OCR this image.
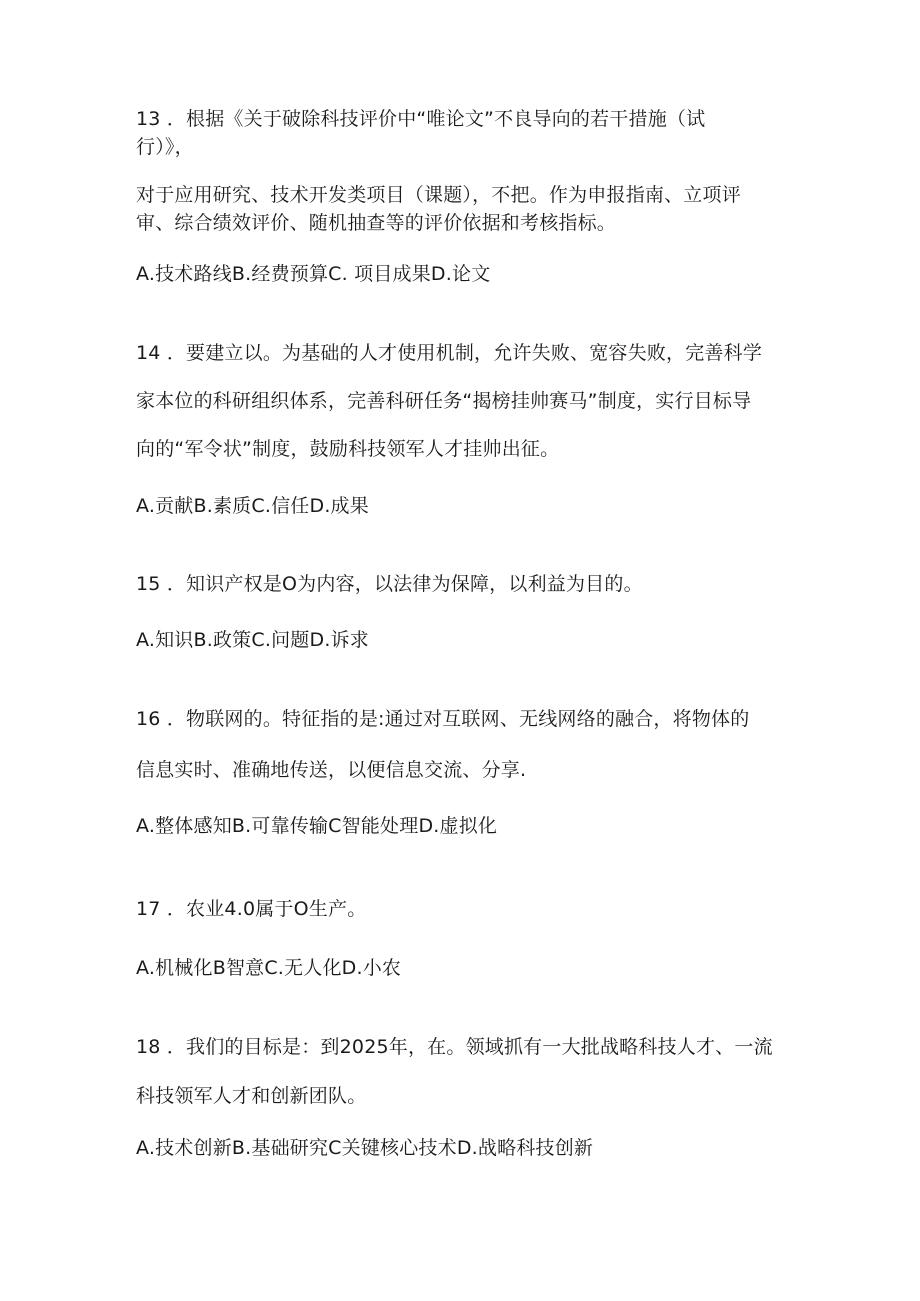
13 ．根据《关于破除科技评价中“唯论文”不良导向的若干措施（试
行）》，
对于应用研究、技术开发类项目（课题），不把。作为申报指南、立项评
审、综合绩效评价、随机抽查等的评价依据和考核指标。
A.技术路线B.经费预算C. 项目成果D.论文
14 ．要建立以。为基础的人才使用机制，允许失败、宽容失败，完善科学
家本位的科研组织体系，完善科研任务“揭榜挂帅赛马”制度，实行目标导
向的“军令状”制度，鼓励科技领军人才挂帅出征。
A.贡献B.素质C.信任D.成果
15 ．知识产权是O为内容，以法律为保障，以利益为目的。
A.知识B.政策C.问题D.诉求
16 ．物联网的。特征指的是:通过对互联网、无线网络的融合，将物体的
信息实时、准确地传送，以便信息交流、分享.
A.整体感知B.可靠传输C智能处理D.虚拟化
17 ．农业4.0属于O生产。
A.机械化B智意C.无人化D.小农
18 ．我们的目标是：到2025年，在。领域抓有一大批战略科技人才、一流
科技领军人才和创新团队。
A.技术创新B.基础研究C关键核心技术D.战略科技创新
